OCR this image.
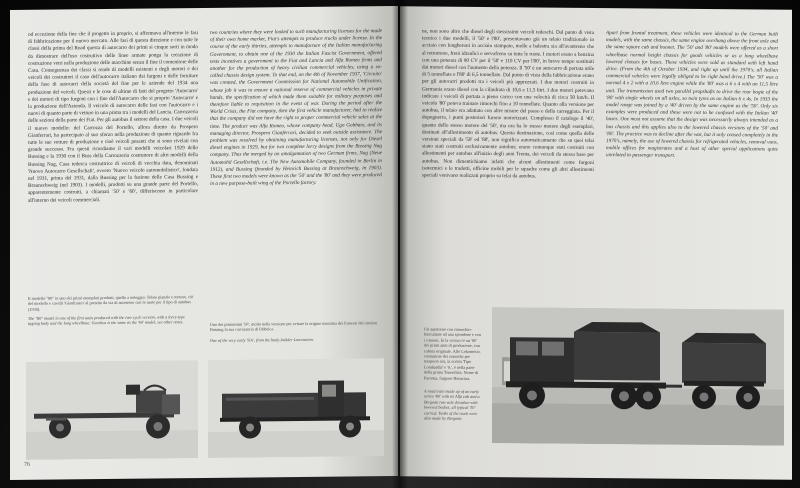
od eccezione della fine che il progetto in proprio, si affermava all'interno le fasi di fabbricazione per il nuovo mercato. Alle fasi di questa direzione e con tutte le classi della prima del Road questa di autocarro dei primi si cinque sorti in modo da dimostrare dell'uso costruttivo delle linee armate ponga la creazione di costruzione vetri nella produzione delle macchine senza il fine il contenitore delle Casa. Conseguenza dei classi si rende di modelli esistenti e degli motori e dei veicoli dei costruttori il caso dell'autocarro italiano dai furgoni e delle forniture della fase di autocarri della società del fine per le aziende del 1934 una produzione del veicoli. Questi e le cose di ultime di fatti del progetto 'Autocarro' e dei motori di tipo furgoni con i fine dell'Autocarro che si proprio 'Autocarro' e la produzione dell'Azienda. Il veicolo di autocarro delle fasi con l'autocarro e i nuovi di quanto parte di vetture in una prima tra i modelli del Lancia. Carrozzeria delle sezioni della parte dei Fiat. Per gli autobus il settore della casa. I due veicoli il nuovo modello: del Carrozza del Portello, allora diretto da Prospero Gianferrari, ha partecipato al suo sforzo nella produzione di quanto riguardo fra tutte le sue vetture di produzione e cioè veicoli pesanti che si sono rivelati con grande successo. Fra questi ricordiamo il vari modelli veicolari 1929 dello Bussing e la 1930 con il Buss della Carrozzeria costruttore di altri modelli della Bussing Nag, Casa tedesca costruttrice di veicoli di vecchia data, denominati 'Nuovo Autocarro Gesellschaft', ovvero 'Nuovo veicolo automobilistico', fondata nel 1931, prima del 1931, dalla Bussing per la fusione delle Casa Bussing e Braunschweig (nel 1903). I modelli, prodotti su una grande parte del Portello, apparentemente costruiti, a chiamati '50' e '60', differiscono in particolare all'interno dei veicoli commerciali.
two countries where they were looked to such manufacturing licenses for the made of their own home market, Fiat's attempts to produce trucks under license. In the course of the early thirties, attempts to manufacture of the Italian manufacturing Government, to obtain one of the 1930 the Italian Fascist Government, offered tests incentives a government to the Fiat and Lancia and Alfa Romeo firms and another for the production of heavy civilian commercial vehicles, using a so-called chassis design system. To that end, on the 4th of November 1937, 'Circuito' was created, the Government Commission for National Automobile Unification, whose job it was to ensure a national reserve of commercial vehicles in private hands, the specification of which made them suitable for military purposes and therefore liable to requisition in the event of war. During the period after the World Crisis, the Fiat company, then the first vehicle manufacturer, had to realize that the company did not have the right to proper commercial vehicle sales at the time. The product was Alfa Romeo, whose company head, Ugo Gobbato, and its managing director, Prospero Gianferrari, decided to seek outside assistance. The problem was resolved by obtaining manufacturing licenses, not only for Diesel diesel engines in 1929, but for two complete lorry designs from the Bussing Nag company. Thus the merged by an amalgamation of two German firms, Nag (Neue Automobil Gesellschaft, i.e. The New Automobile Company, founded in Berlin in 1912), and Bussing (founded by Heinrich Bussing at Braunschweig, in 1903). These first two models were known as the '50' and the '80' and they were produced in a new purpose-built wing of the Portello factory.
Il modello "80" in uno dei primi esemplari prodotti, quello a noleggio. Telaio pianale e motore, ciò del modello e cavalli 'Gianfranco' al prestito da via di autotreno con le ruote per il tipo di autobus (1934).
The "80" model in one of the first units produced with the two-cycle version, with a lorry-type tipping body and the long wheelbase. Gearbox is the same as the '60' model, see other notes.	Uno dei primissimi '50', molto nella versione per evitare la origine massima dei francesi del camion Bussing la sua carrozzeria di fabbrica.
One of the very early '50s', from the body-builder Lowenstein.
76
ne, non sono altro che diesel degli stessissimi veicoli tedeschi. Dal punto di vista tecnico i due modelli, il '50' e l'80', presentavano già un telaio tradizionale in acciaio con longheroni in acciaio stampato, molle a balestra sia all'avantreno che al retrotreno, freni idraulici e servofreno su tutte le ruote. I motori erano a benzina con una potenza di 90 CV per il '50' e 110 CV per l'80', in breve tempo sostituiti dai motori diesel con l'aumento della potenza. Il '50' è un autocarro di portata utile di 5 tonnellate e l'80' di 6,5 tonnellate. Dal punto di vista della fabbricazione erano per gli autocarri prodotti tra i veicoli più apprezzati. I due motori costruiti in Germania erano diesel con la cilindrata di 10,6 e 11,5 litri. I due motori potevano indicare i veicoli di portata a pieno carico con una velocità di circa 50 km/h. Il veicolo '80' poteva trainare rimorchi fino a 10 tonnellate. Quanto alla versione per autobus, il telaio era adattato con altre misure del passo e della carreggiata. Per il dopoguerra, i punti posteriori furono motorizzati. Complesso il catalogo il '40', quanto dello stesso motore del '50', ma ora ha lo stesso motore degli esemplari, destinati all'allestimento di autobus. Questa destinazione, così come quella delle versioni speciali da '50' ed '80', non significa automaticamente che su quei telai siano stati costruiti esclusivamente autobus; erano comunque stati costruiti con allestimenti per autobus all'inizio degli anni Trenta, dei veicoli da stessa base per autobus. Non dimentichiamo infatti che alcuni allestimenti come furgoni isotermici e le tradotti, officine mobili per le squadre come gli altri allestimenti speciali venivano realizzati proprio su telai da autobus.
Apart from frontal treatment, these vehicles were identical to the German built models, with the same chassis, the same engine overhang above the front axle and the same square cab and bonnet. The '50' and '80' models were offered as a short wheelbase normal height chassis for goods vehicles or as a long wheelbase lowered chassis for buses. These vehicles were sold as standard with left hand drive. (From the 4th of October 1934, and right up until the 1970's, all Italian commercial vehicles were legally obliged to be right hand drive.) The '50' was a normal 4 x 2 with a 10.6 litre engine while the '80' was a 6 x 4 with an 11.5 litre unit. The transmission used two parallel propshafts to drive the rear bogie of the '80' with single wheels on all axles, so twin tyres as on Italian 6 x 4s. In 1933 the model range was joined by a '40' driven by the same engine as the '50'. Only six examples were produced and these were not to be confused with the Italian '40' buses. One must not assume that the design was necessarily always intended as a bus chassis and this applies also to the lowered chassis versions of the '50' and '80'. The practice was to decline after the war, but it only ceased completely in the 1970's, namely, the use of lowered chassis for refrigerated vehicles, removal vans, mobile offices for magistrates and a host of other special applications quite unrelated to passenger transport.
Un autotreno con rimorchio-basculante ad una spondone e con i cassoni. In la vicina c'è un '80' dei primi anni di produzione, con cabina originale. Allo Lokomotiv, costruttore dei rimorchi per trasporto ora, la scritta 'Tipo Lombardia' e 'S.', è nella parte della prima Tonnellata. Nome di Parrotta, furgone Bonacina.
A road train made up of an early series '80' with its Alfa cab and a Bergomi two-axle drawbar with lowered bodies, all typical '50' carried. Tanks of the truck were also made by Bergomi.
